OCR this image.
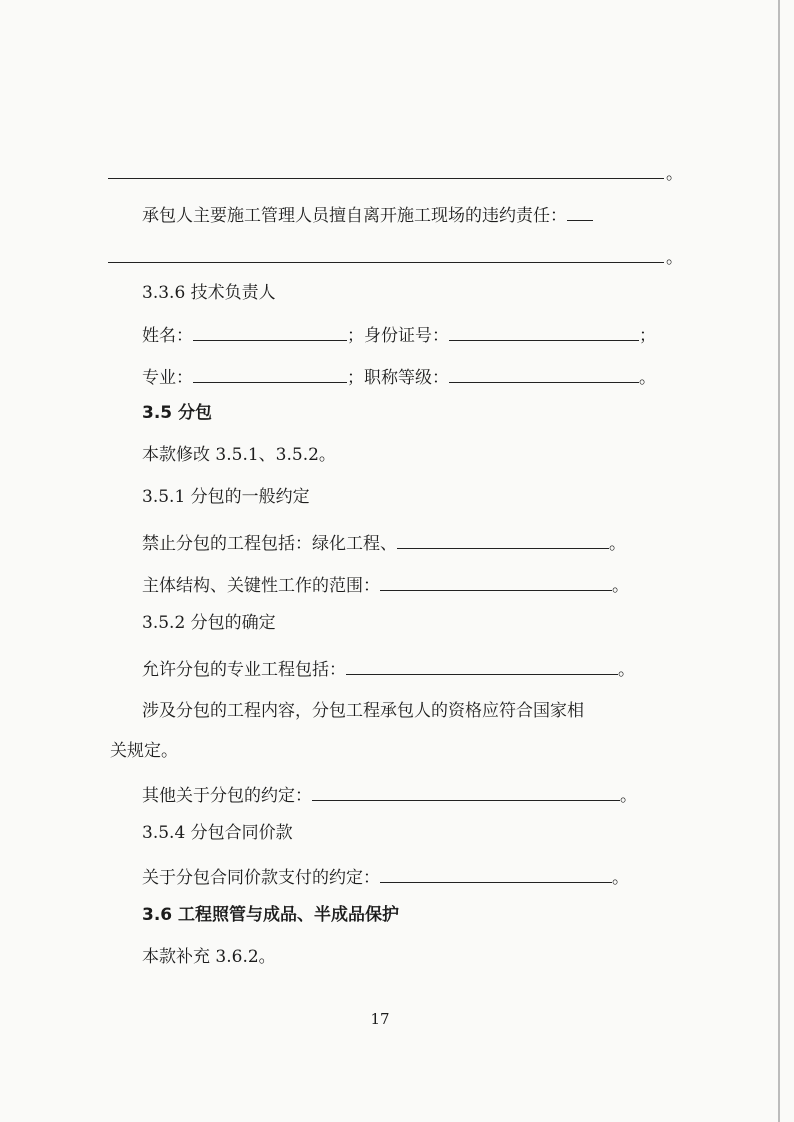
。
承包人主要施工管理人员擅自离开施工现场的违约责任：
。
3.3.6 技术负责人
姓名：	；身份证号：	；
专业：	；职称等级：	。
3.5 分包
本款修改 3.5.1、3.5.2。
3.5.1 分包的一般约定
禁止分包的工程包括：绿化工程、	。
主体结构、关键性工作的范围：	。
3.5.2 分包的确定
允许分包的专业工程包括：	。
涉及分包的工程内容，分包工程承包人的资格应符合国家相
关规定。
其他关于分包的约定：	。
3.5.4 分包合同价款
关于分包合同价款支付的约定：	。
3.6 工程照管与成品、半成品保护
本款补充 3.6.2。
17
